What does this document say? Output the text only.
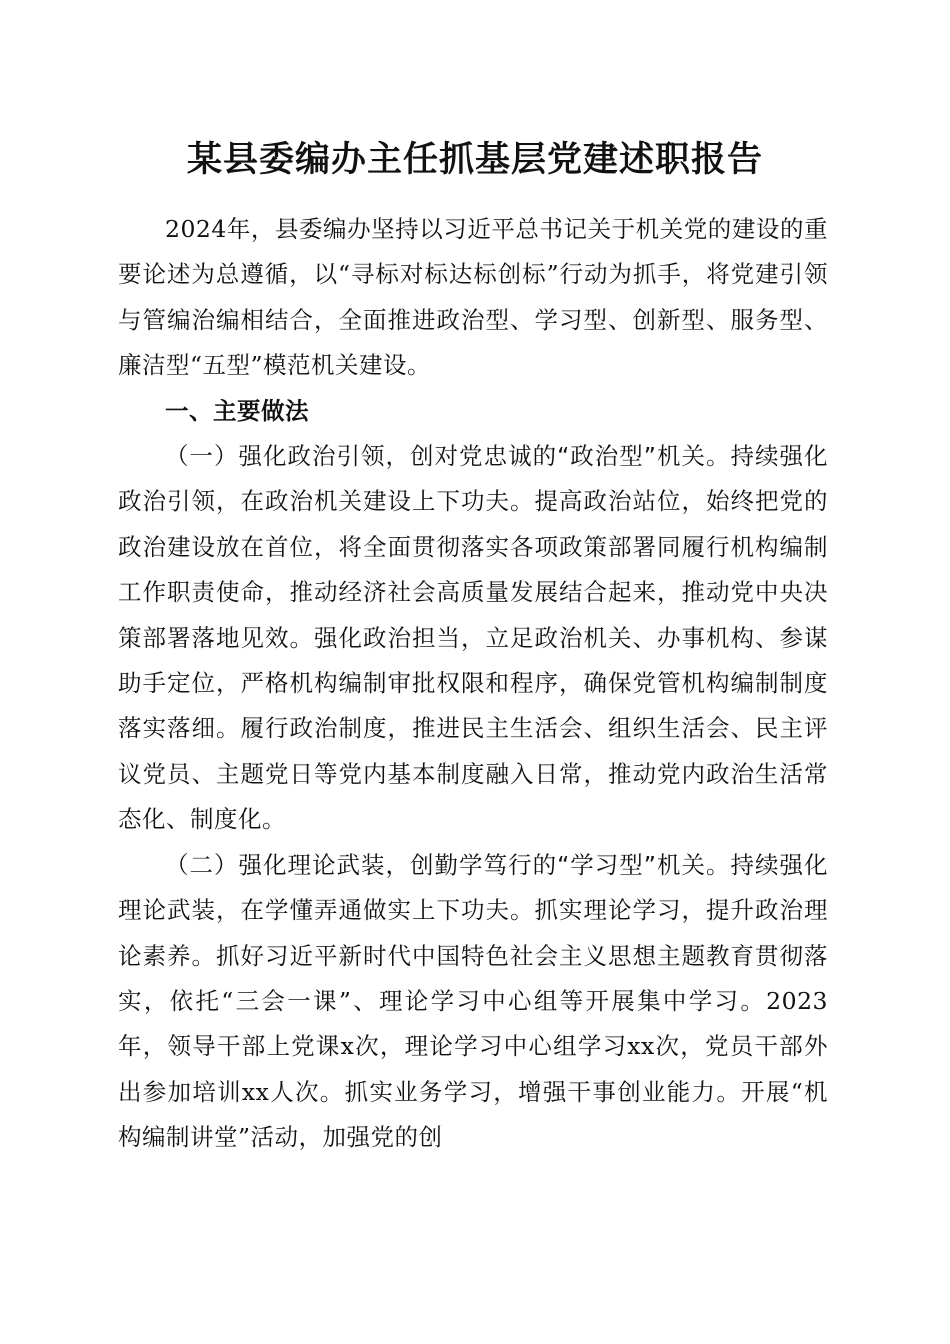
某县委编办主任抓基层党建述职报告

2024年，县委编办坚持以习近平总书记关于机关党的建设的重要论述为总遵循，以“寻标对标达标创标”行动为抓手，将党建引领与管编治编相结合，全面推进政治型、学习型、创新型、服务型、廉洁型“五型”模范机关建设。

一、主要做法

（一）强化政治引领，创对党忠诚的“政治型”机关。持续强化政治引领，在政治机关建设上下功夫。提高政治站位，始终把党的政治建设放在首位，将全面贯彻落实各项政策部署同履行机构编制工作职责使命，推动经济社会高质量发展结合起来，推动党中央决策部署落地见效。强化政治担当，立足政治机关、办事机构、参谋助手定位，严格机构编制审批权限和程序，确保党管机构编制制度落实落细。履行政治制度，推进民主生活会、组织生活会、民主评议党员、主题党日等党内基本制度融入日常，推动党内政治生活常态化、制度化。

（二）强化理论武装，创勤学笃行的“学习型”机关。持续强化理论武装，在学懂弄通做实上下功夫。抓实理论学习，提升政治理论素养。抓好习近平新时代中国特色社会主义思想主题教育贯彻落实，依托“三会一课”、理论学习中心组等开展集中学习。2023年，领导干部上党课x次，理论学习中心组学习xx次，党员干部外出参加培训xx人次。抓实业务学习，增强干事创业能力。开展“机构编制讲堂”活动，加强党的创
